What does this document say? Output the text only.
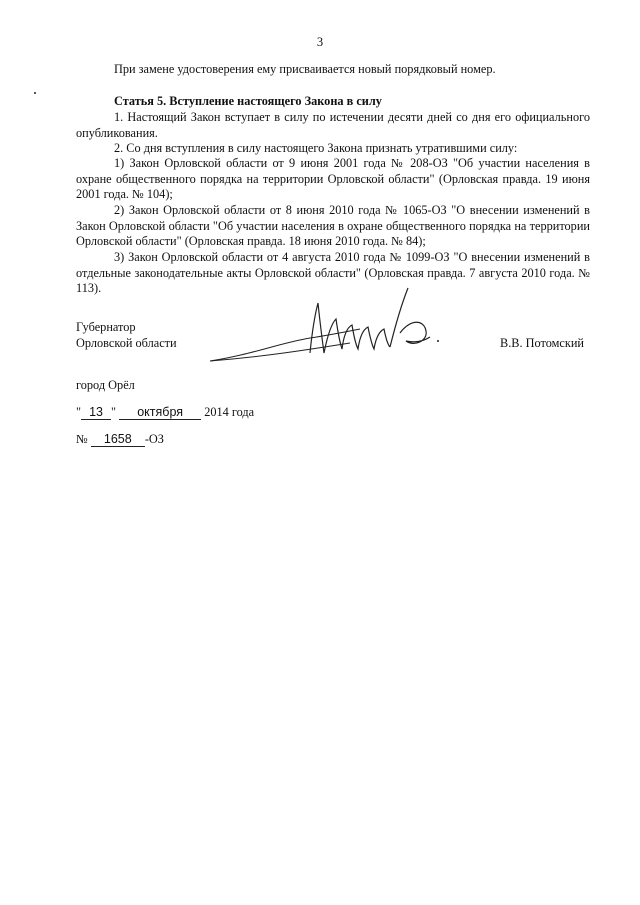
3

При замене удостоверения ему присваивается новый порядковый номер.

Статья 5. Вступление настоящего Закона в силу

1. Настоящий Закон вступает в силу по истечении десяти дней со дня его официального опубликования.

2. Со дня вступления в силу настоящего Закона признать утратившими силу:

1) Закон Орловской области от 9 июня 2001 года № 208-ОЗ "Об участии населения в охране общественного порядка на территории Орловской области" (Орловская правда. 19 июня 2001 года. № 104);

2) Закон Орловской области от 8 июня 2010 года № 1065-ОЗ "О внесении изменений в Закон Орловской области "Об участии населения в охране общественного порядка на территории Орловской области" (Орловская правда. 18 июня 2010 года. № 84);

3) Закон Орловской области от 4 августа 2010 года № 1099-ОЗ "О внесении изменений в отдельные законодательные акты Орловской области" (Орловская правда. 7 августа 2010 года. № 113).

Губернатор
Орловской области	В.В. Потомский
город Орёл
" 13 " октября 2014 года
№ 1658 -ОЗ
